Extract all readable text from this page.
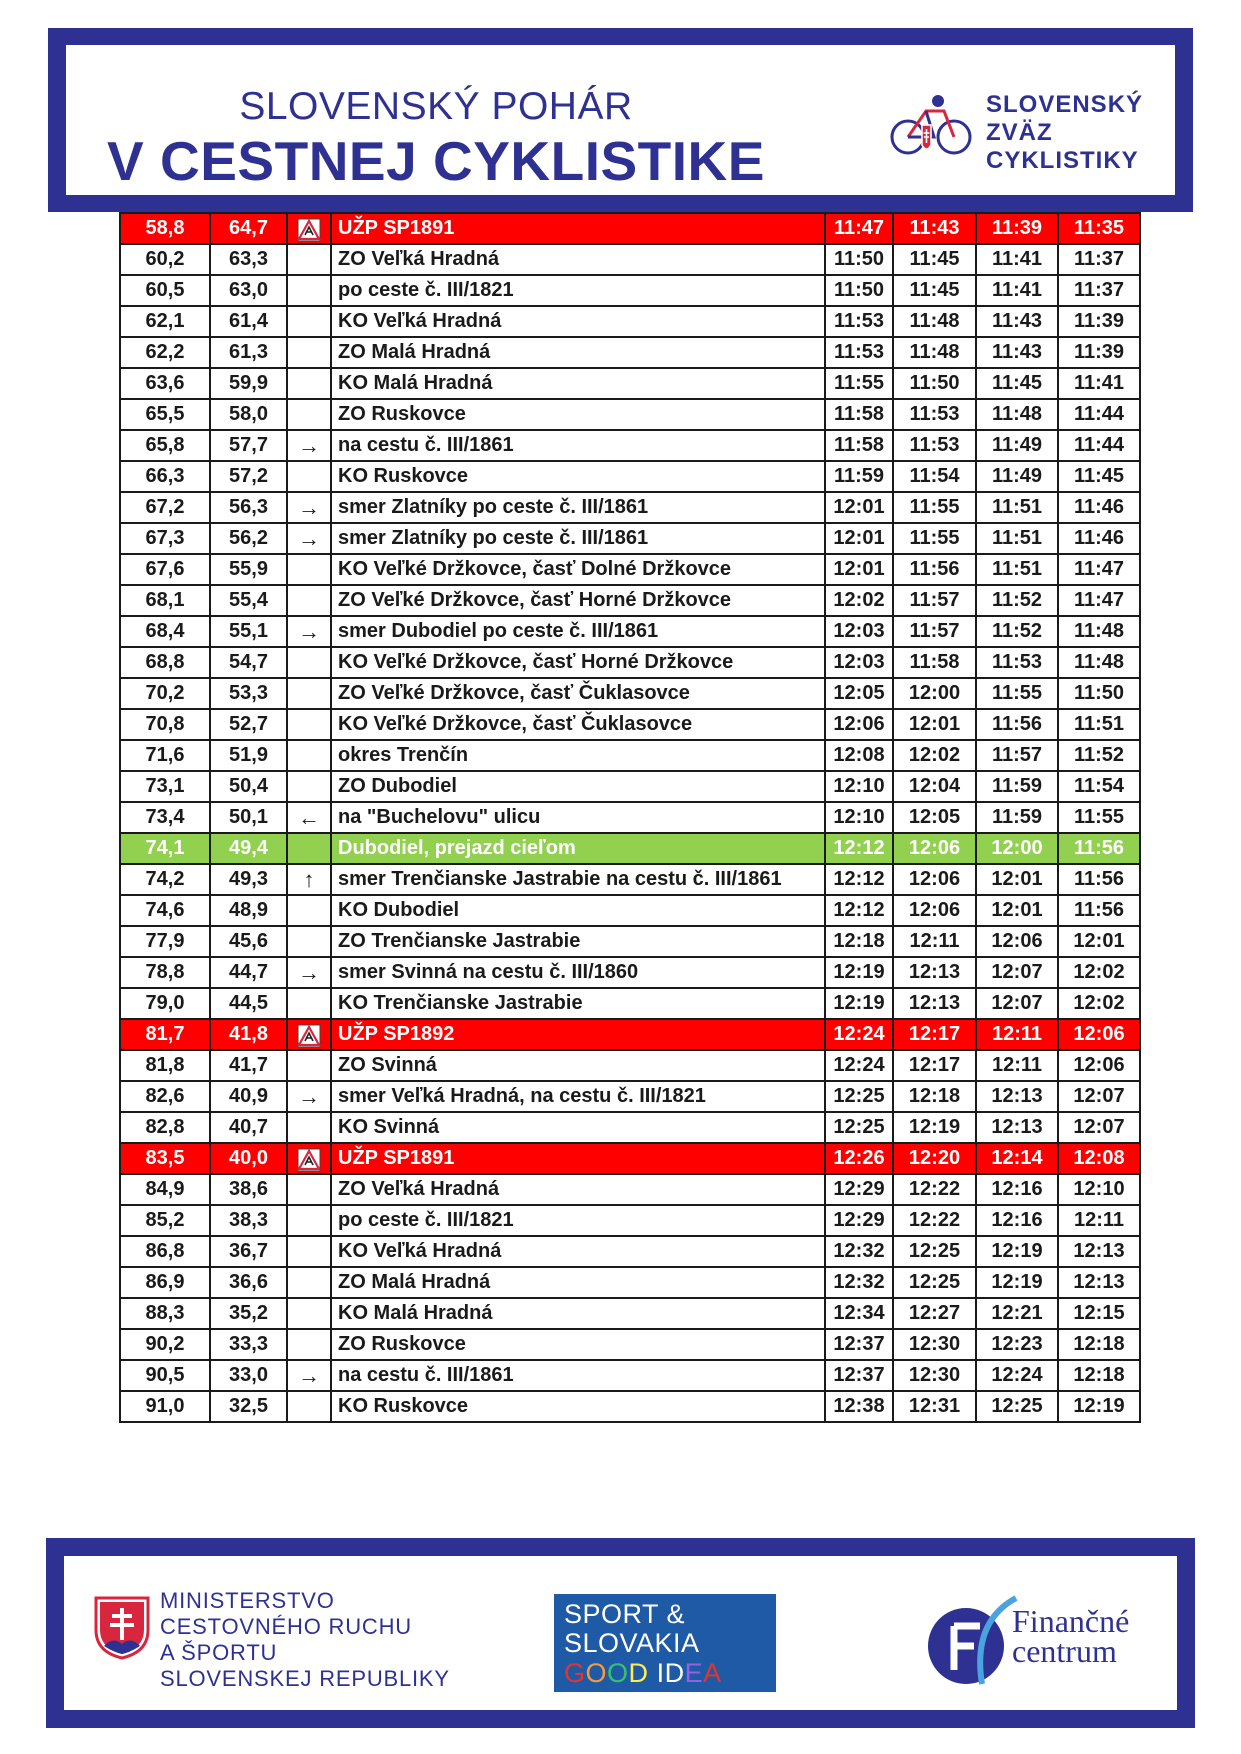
SLOVENSKÝ POHÁR
V CESTNEJ CYKLISTIKE
SLOVENSKÝ
ZVÄZ
CYKLISTIKY
58,8	64,7		UŽP SP1891	11:47	11:43	11:39	11:35
60,2	63,3		ZO Veľká Hradná	11:50	11:45	11:41	11:37
60,5	63,0		po ceste č. III/1821	11:50	11:45	11:41	11:37
62,1	61,4		KO Veľká Hradná	11:53	11:48	11:43	11:39
62,2	61,3		ZO Malá Hradná	11:53	11:48	11:43	11:39
63,6	59,9		KO Malá Hradná	11:55	11:50	11:45	11:41
65,5	58,0		ZO Ruskovce	11:58	11:53	11:48	11:44
65,8	57,7	→	na cestu č. III/1861	11:58	11:53	11:49	11:44
66,3	57,2		KO Ruskovce	11:59	11:54	11:49	11:45
67,2	56,3	→	smer Zlatníky po ceste č. III/1861	12:01	11:55	11:51	11:46
67,3	56,2	→	smer Zlatníky po ceste č. III/1861	12:01	11:55	11:51	11:46
67,6	55,9		KO Veľké Držkovce, časť Dolné Držkovce	12:01	11:56	11:51	11:47
68,1	55,4		ZO Veľké Držkovce, časť Horné Držkovce	12:02	11:57	11:52	11:47
68,4	55,1	→	smer Dubodiel po ceste č. III/1861	12:03	11:57	11:52	11:48
68,8	54,7		KO Veľké Držkovce, časť Horné Držkovce	12:03	11:58	11:53	11:48
70,2	53,3		ZO Veľké Držkovce, časť Čuklasovce	12:05	12:00	11:55	11:50
70,8	52,7		KO Veľké Držkovce, časť Čuklasovce	12:06	12:01	11:56	11:51
71,6	51,9		okres Trenčín	12:08	12:02	11:57	11:52
73,1	50,4		ZO Dubodiel	12:10	12:04	11:59	11:54
73,4	50,1	←	na "Buchelovu" ulicu	12:10	12:05	11:59	11:55
74,1	49,4		Dubodiel, prejazd cieľom	12:12	12:06	12:00	11:56
74,2	49,3	↑	smer Trenčianske Jastrabie na cestu č. III/1861	12:12	12:06	12:01	11:56
74,6	48,9		KO Dubodiel	12:12	12:06	12:01	11:56
77,9	45,6		ZO Trenčianske Jastrabie	12:18	12:11	12:06	12:01
78,8	44,7	→	smer Svinná na cestu č. III/1860	12:19	12:13	12:07	12:02
79,0	44,5		KO Trenčianske Jastrabie	12:19	12:13	12:07	12:02
81,7	41,8		UŽP SP1892	12:24	12:17	12:11	12:06
81,8	41,7		ZO Svinná	12:24	12:17	12:11	12:06
82,6	40,9	→	smer Veľká Hradná, na cestu č. III/1821	12:25	12:18	12:13	12:07
82,8	40,7		KO Svinná	12:25	12:19	12:13	12:07
83,5	40,0		UŽP SP1891	12:26	12:20	12:14	12:08
84,9	38,6		ZO Veľká Hradná	12:29	12:22	12:16	12:10
85,2	38,3		po ceste č. III/1821	12:29	12:22	12:16	12:11
86,8	36,7		KO Veľká Hradná	12:32	12:25	12:19	12:13
86,9	36,6		ZO Malá Hradná	12:32	12:25	12:19	12:13
88,3	35,2		KO Malá Hradná	12:34	12:27	12:21	12:15
90,2	33,3		ZO Ruskovce	12:37	12:30	12:23	12:18
90,5	33,0	→	na cestu č. III/1861	12:37	12:30	12:24	12:18
91,0	32,5		KO Ruskovce	12:38	12:31	12:25	12:19
MINISTERSTVO
CESTOVNÉHO RUCHU
A ŠPORTU
SLOVENSKEJ REPUBLIKY
SPORT &
SLOVAKIA
GOOD IDEA
Finančné
centrum
